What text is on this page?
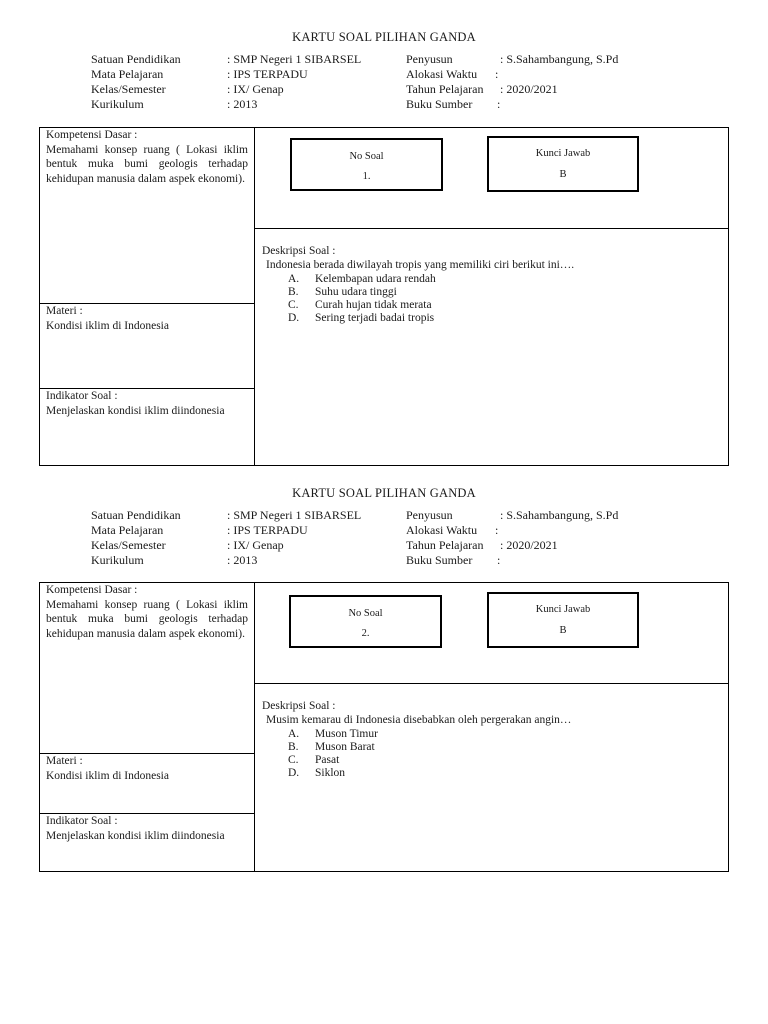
KARTU SOAL PILIHAN GANDA
Satuan Pendidikan	: SMP Negeri 1 SIBARSEL
Mata Pelajaran	: IPS TERPADU
Kelas/Semester	: IX/ Genap
Kurikulum	: 2013
Penyusun	: S.Sahambangung, S.Pd
Alokasi Waktu :
Tahun Pelajaran : 2020/2021
Buku Sumber :
Kompetensi Dasar :
Memahami konsep ruang ( Lokasi iklim bentuk muka bumi geologis terhadap kehidupan manusia dalam aspek ekonomi).
Materi :
Kondisi iklim di Indonesia
Indikator Soal :
Menjelaskan kondisi iklim diindonesia
No Soal
1.
Kunci Jawab
B
Deskripsi Soal :
Indonesia berada diwilayah tropis yang memiliki ciri berikut ini….
A. Kelembapan udara rendah
B. Suhu udara tinggi
C. Curah hujan tidak merata
D. Sering terjadi badai tropis
KARTU SOAL PILIHAN GANDA
Satuan Pendidikan	: SMP Negeri 1 SIBARSEL
Mata Pelajaran	: IPS TERPADU
Kelas/Semester	: IX/ Genap
Kurikulum	: 2013
Penyusun	: S.Sahambangung, S.Pd
Alokasi Waktu :
Tahun Pelajaran : 2020/2021
Buku Sumber :
Kompetensi Dasar :
Memahami konsep ruang ( Lokasi iklim bentuk muka bumi geologis terhadap kehidupan manusia dalam aspek ekonomi).
Materi :
Kondisi iklim di Indonesia
Indikator Soal :
Menjelaskan kondisi iklim diindonesia
No Soal
2.
Kunci Jawab
B
Deskripsi Soal :
Musim kemarau di Indonesia disebabkan oleh pergerakan angin…
A. Muson Timur
B. Muson Barat
C. Pasat
D. Siklon
